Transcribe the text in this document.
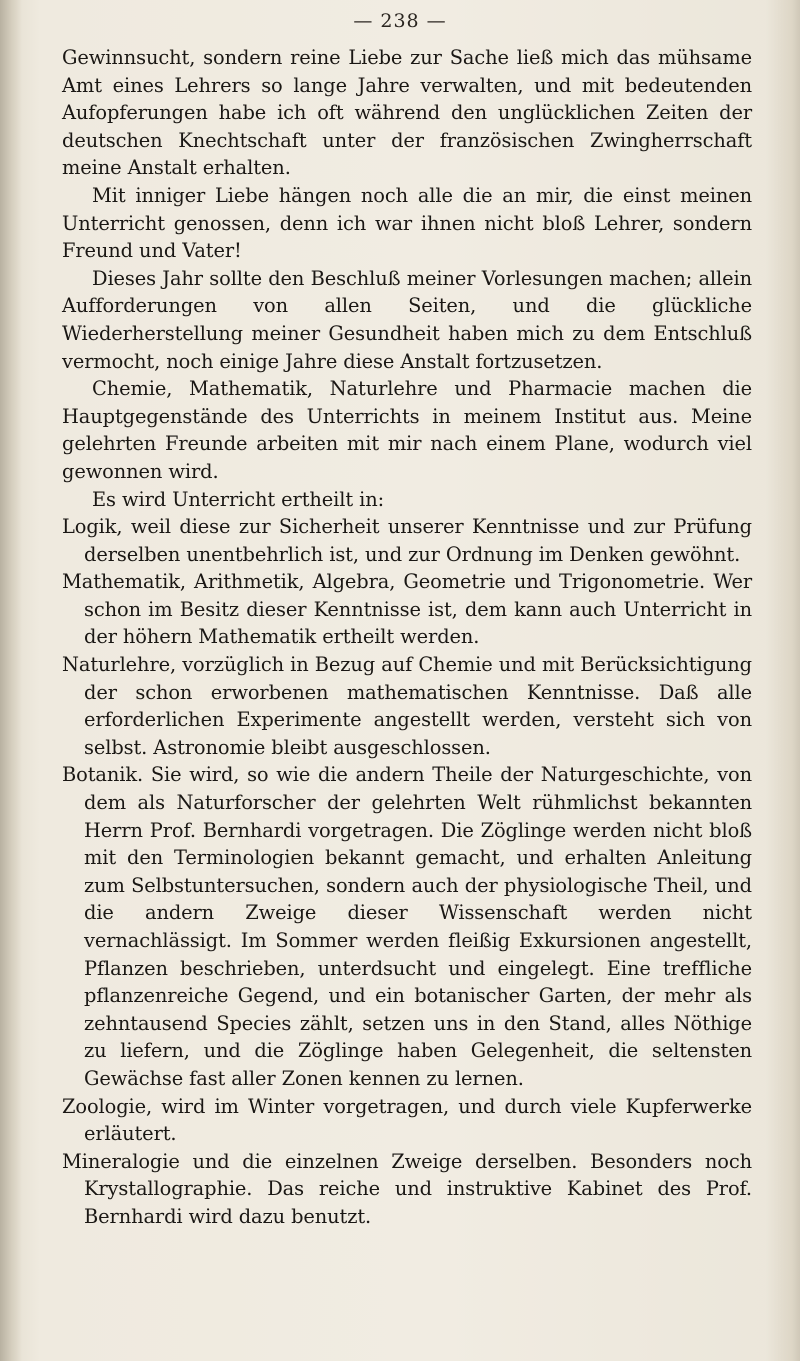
— 238 —

Gewinnsucht, sondern reine Liebe zur Sache ließ mich das mühsame Amt eines Lehrers so lange Jahre verwalten, und mit bedeutenden Aufopferungen habe ich oft während den unglücklichen Zeiten der deutschen Knechtschaft unter der französischen Zwingherrschaft meine Anstalt erhalten.

Mit inniger Liebe hängen noch alle die an mir, die einst meinen Unterricht genossen, denn ich war ihnen nicht bloß Lehrer, sondern Freund und Vater!

Dieses Jahr sollte den Beschluß meiner Vorlesungen machen; allein Aufforderungen von allen Seiten, und die glückliche Wiederherstellung meiner Gesundheit haben mich zu dem Entschluß vermocht, noch einige Jahre diese Anstalt fortzusetzen.

Chemie, Mathematik, Naturlehre und Pharmacie machen die Hauptgegenstände des Unterrichts in meinem Institut aus. Meine gelehrten Freunde arbeiten mit mir nach einem Plane, wodurch viel gewonnen wird.

Es wird Unterricht ertheilt in:

Logik, weil diese zur Sicherheit unserer Kenntnisse und zur Prüfung derselben unentbehrlich ist, und zur Ordnung im Denken gewöhnt.

Mathematik, Arithmetik, Algebra, Geometrie und Trigonometrie. Wer schon im Besitz dieser Kenntnisse ist, dem kann auch Unterricht in der höhern Mathematik ertheilt werden.

Naturlehre, vorzüglich in Bezug auf Chemie und mit Berücksichtigung der schon erworbenen mathematischen Kenntnisse. Daß alle erforderlichen Experimente angestellt werden, versteht sich von selbst. Astronomie bleibt ausgeschlossen.

Botanik. Sie wird, so wie die andern Theile der Naturgeschichte, von dem als Naturforscher der gelehrten Welt rühmlichst bekannten Herrn Prof. Bernhardi vorgetragen. Die Zöglinge werden nicht bloß mit den Terminologien bekannt gemacht, und erhalten Anleitung zum Selbstuntersuchen, sondern auch der physiologische Theil, und die andern Zweige dieser Wissenschaft werden nicht vernachlässigt. Im Sommer werden fleißig Exkursionen angestellt, Pflanzen beschrieben, unterdsucht und eingelegt. Eine treffliche pflanzenreiche Gegend, und ein botanischer Garten, der mehr als zehntausend Species zählt, setzen uns in den Stand, alles Nöthige zu liefern, und die Zöglinge haben Gelegenheit, die seltensten Gewächse fast aller Zonen kennen zu lernen.

Zoologie, wird im Winter vorgetragen, und durch viele Kupferwerke erläutert.

Mineralogie und die einzelnen Zweige derselben. Besonders noch Krystallographie. Das reiche und instruktive Kabinet des Prof. Bernhardi wird dazu benutzt.
